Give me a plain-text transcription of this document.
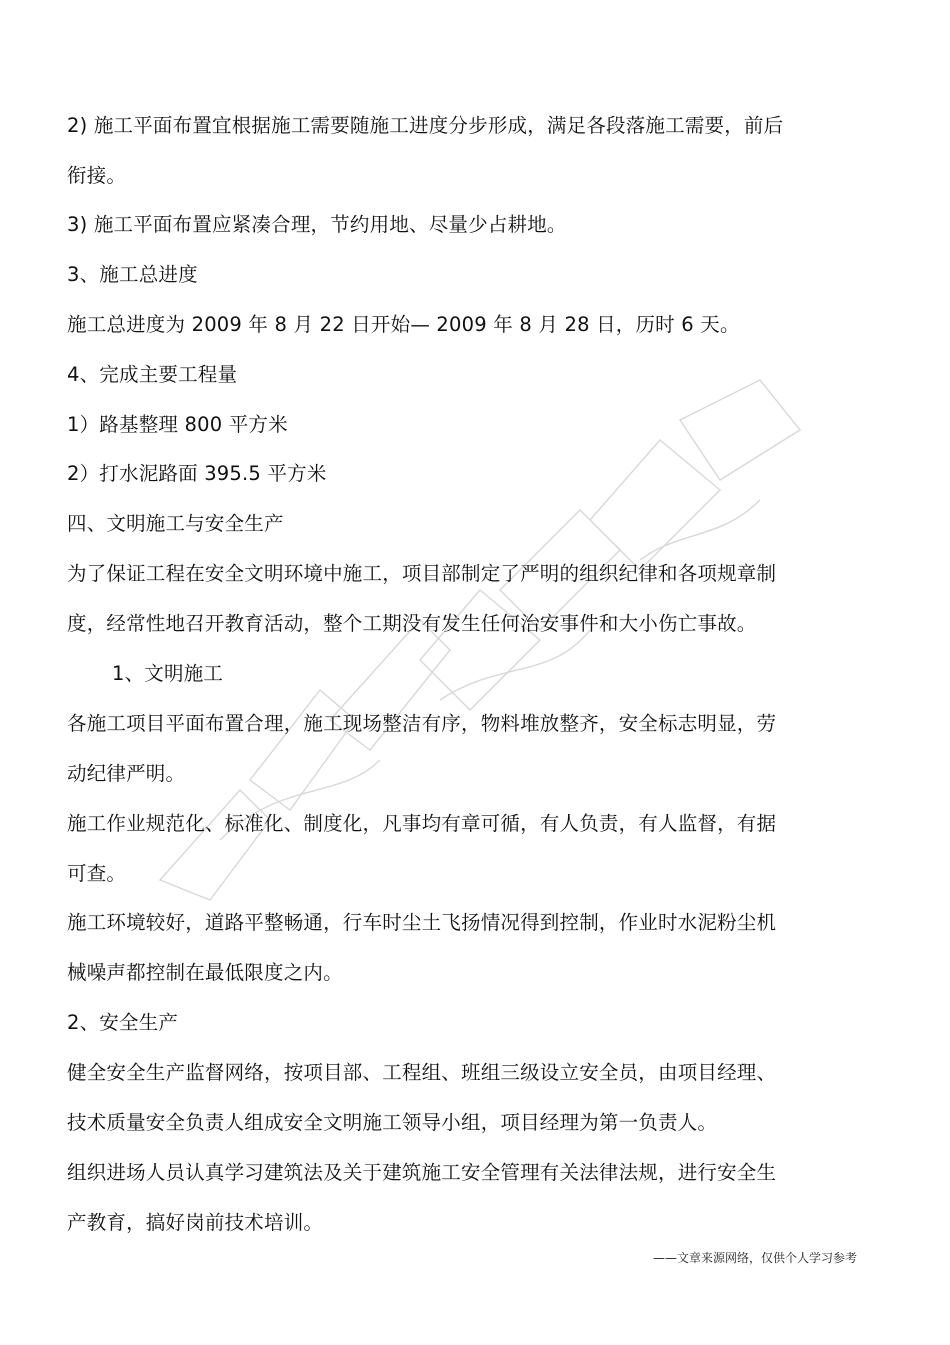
2) 施工平面布置宜根据施工需要随施工进度分步形成，满足各段落施工需要，前后
衔接。
3) 施工平面布置应紧凑合理，节约用地、尽量少占耕地。
3、施工总进度
施工总进度为 2009 年 8 月 22 日开始— 2009 年 8 月 28 日，历时 6 天。
4、完成主要工程量
1）路基整理 800 平方米
2）打水泥路面 395.5 平方米
四、文明施工与安全生产
为了保证工程在安全文明环境中施工，项目部制定了严明的组织纪律和各项规章制
度，经常性地召开教育活动，整个工期没有发生任何治安事件和大小伤亡事故。
1、文明施工
各施工项目平面布置合理，施工现场整洁有序，物料堆放整齐，安全标志明显，劳
动纪律严明。
施工作业规范化、标准化、制度化，凡事均有章可循，有人负责，有人监督，有据
可查。
施工环境较好，道路平整畅通，行车时尘土飞扬情况得到控制，作业时水泥粉尘机
械噪声都控制在最低限度之内。
2、安全生产
健全安全生产监督网络，按项目部、工程组、班组三级设立安全员，由项目经理、
技术质量安全负责人组成安全文明施工领导小组，项目经理为第一负责人。
组织进场人员认真学习建筑法及关于建筑施工安全管理有关法律法规，进行安全生
产教育，搞好岗前技术培训。
——文章来源网络，仅供个人学习参考
